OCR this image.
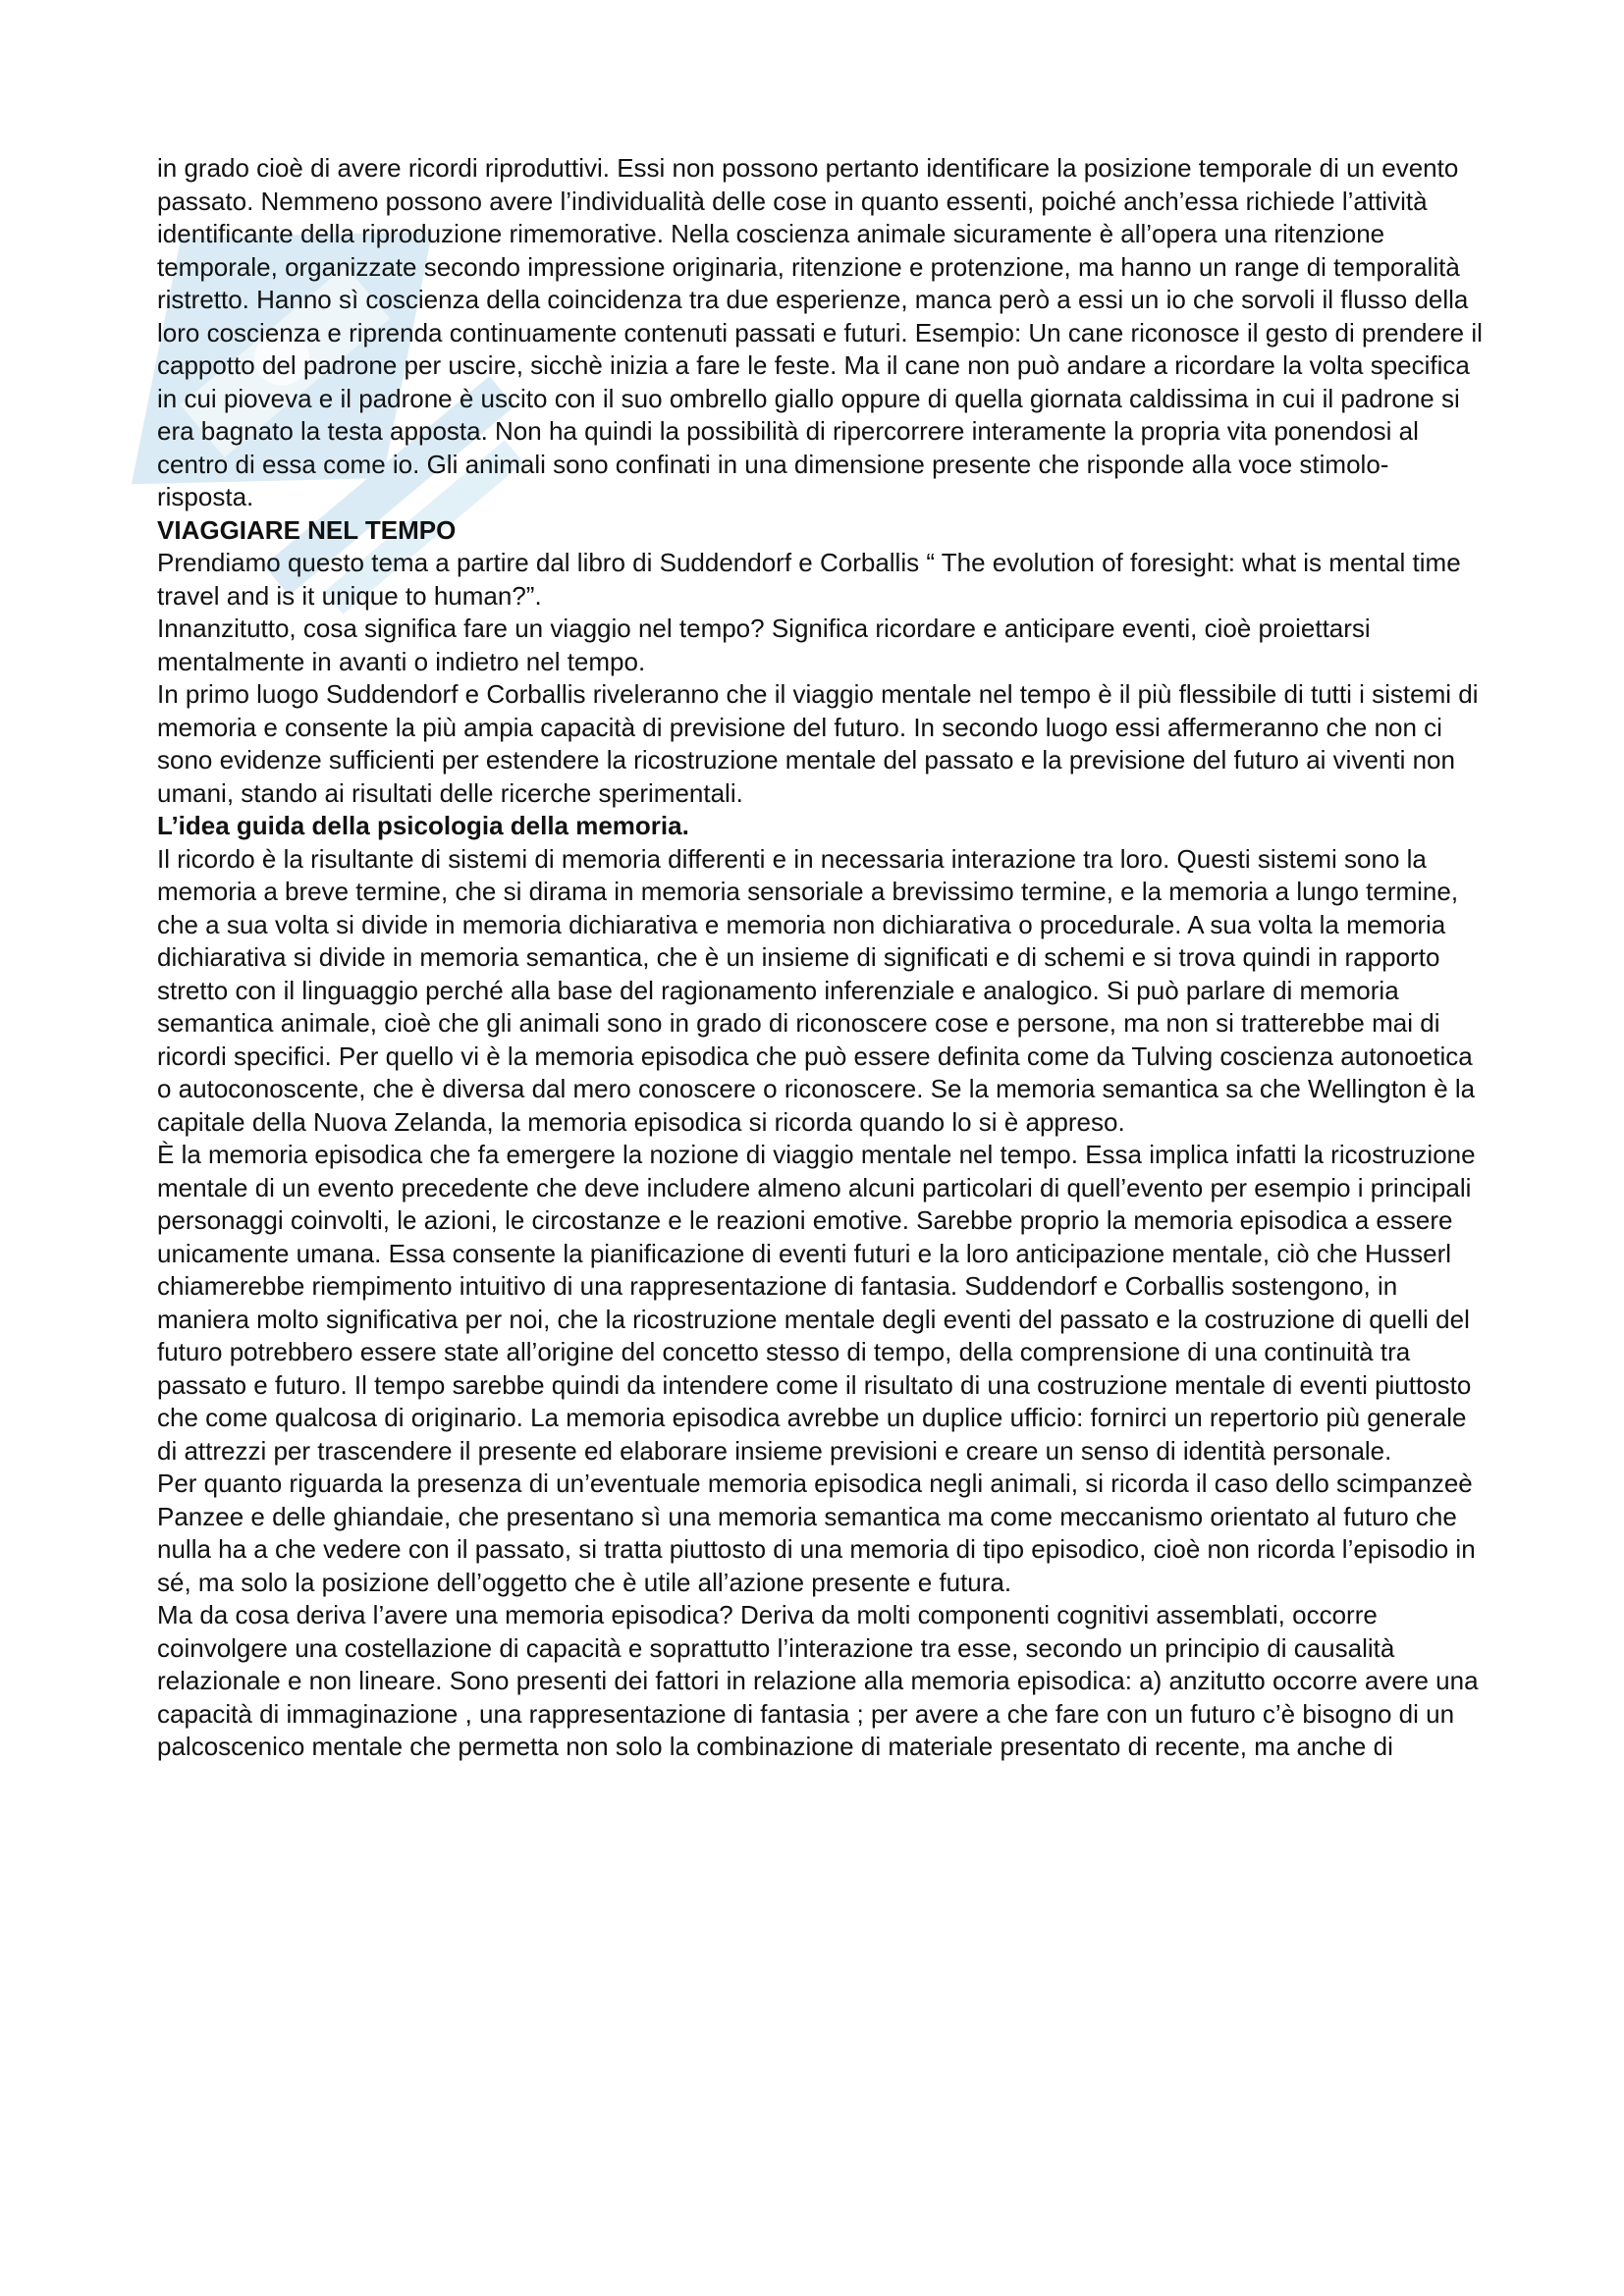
in grado cioè di avere ricordi riproduttivi. Essi non possono pertanto identificare la posizione temporale di un evento passato. Nemmeno possono avere l’individualità delle cose in quanto essenti, poiché anch’essa richiede l’attività identificante della riproduzione rimemorative. Nella coscienza animale sicuramente è all’opera una ritenzione temporale, organizzate secondo impressione originaria, ritenzione e protenzione, ma hanno un range di temporalità ristretto. Hanno sì coscienza della coincidenza tra due esperienze, manca però a essi un io che sorvoli il flusso della loro coscienza e riprenda continuamente contenuti passati e futuri. Esempio: Un cane riconosce il gesto di prendere il cappotto del padrone per uscire, sicchè inizia a fare le feste. Ma il cane non può andare a ricordare la volta specifica in cui pioveva e il padrone è uscito con il suo ombrello giallo oppure di quella giornata caldissima in cui il padrone si era bagnato la testa apposta. Non ha quindi la possibilità di ripercorrere interamente la propria vita ponendosi al centro di essa come io. Gli animali sono confinati in una dimensione presente che risponde alla voce stimolo-risposta.

VIAGGIARE NEL TEMPO

Prendiamo questo tema a partire dal libro di Suddendorf e Corballis “ The evolution of foresight: what is mental time travel and is it unique to human?”.

Innanzitutto, cosa significa fare un viaggio nel tempo? Significa ricordare e anticipare eventi, cioè proiettarsi mentalmente in avanti o indietro nel tempo.

In primo luogo Suddendorf e Corballis riveleranno che il viaggio mentale nel tempo è il più flessibile di tutti i sistemi di memoria e consente la più ampia capacità di previsione del futuro. In secondo luogo essi affermeranno che non ci sono evidenze sufficienti per estendere la ricostruzione mentale del passato e la previsione del futuro ai viventi non umani, stando ai risultati delle ricerche sperimentali.

L’idea guida della psicologia della memoria.

Il ricordo è la risultante di sistemi di memoria differenti e in necessaria interazione tra loro. Questi sistemi sono la memoria a breve termine, che si dirama in memoria sensoriale a brevissimo termine, e la memoria a lungo termine, che a sua volta si divide in memoria dichiarativa e memoria non dichiarativa o procedurale. A sua volta la memoria dichiarativa si divide in memoria semantica, che è un insieme di significati e di schemi e si trova quindi in rapporto stretto con il linguaggio perché alla base del ragionamento inferenziale e analogico. Si può parlare di memoria semantica animale, cioè che gli animali sono in grado di riconoscere cose e persone, ma non si tratterebbe mai di ricordi specifici. Per quello vi è la memoria episodica che può essere definita come da Tulving coscienza autonoetica o autoconoscente, che è diversa dal mero conoscere o riconoscere. Se la memoria semantica sa che Wellington è la capitale della Nuova Zelanda, la memoria episodica si ricorda quando lo si è appreso.

È la memoria episodica che fa emergere la nozione di viaggio mentale nel tempo. Essa implica infatti la ricostruzione mentale di un evento precedente che deve includere almeno alcuni particolari di quell’evento per esempio i principali personaggi coinvolti, le azioni, le circostanze e le reazioni emotive. Sarebbe proprio la memoria episodica a essere unicamente umana. Essa consente la pianificazione di eventi futuri e la loro anticipazione mentale, ciò che Husserl chiamerebbe riempimento intuitivo di una rappresentazione di fantasia. Suddendorf e Corballis sostengono, in maniera molto significativa per noi, che la ricostruzione mentale degli eventi del passato e la costruzione di quelli del futuro potrebbero essere state all’origine del concetto stesso di tempo, della comprensione di una continuità tra passato e futuro. Il tempo sarebbe quindi da intendere come il risultato di una costruzione mentale di eventi piuttosto che come qualcosa di originario. La memoria episodica avrebbe un duplice ufficio: fornirci un repertorio più generale di attrezzi per trascendere il presente ed elaborare insieme previsioni e creare un senso di identità personale.

Per quanto riguarda la presenza di un’eventuale memoria episodica negli animali, si ricorda il caso dello scimpanzeè Panzee e delle ghiandaie, che presentano sì una memoria semantica ma come meccanismo orientato al futuro che nulla ha a che vedere con il passato, si tratta piuttosto di una memoria di tipo episodico, cioè non ricorda l’episodio in sé, ma solo la posizione dell’oggetto che è utile all’azione presente e futura.

Ma da cosa deriva l’avere una memoria episodica? Deriva da molti componenti cognitivi assemblati, occorre coinvolgere una costellazione di capacità e soprattutto l’interazione tra esse, secondo un principio di causalità relazionale e non lineare. Sono presenti dei fattori in relazione alla memoria episodica: a) anzitutto occorre avere una capacità di immaginazione , una rappresentazione di fantasia ; per avere a che fare con un futuro c’è bisogno di un palcoscenico mentale che permetta non solo la combinazione di materiale presentato di recente, ma anche di
